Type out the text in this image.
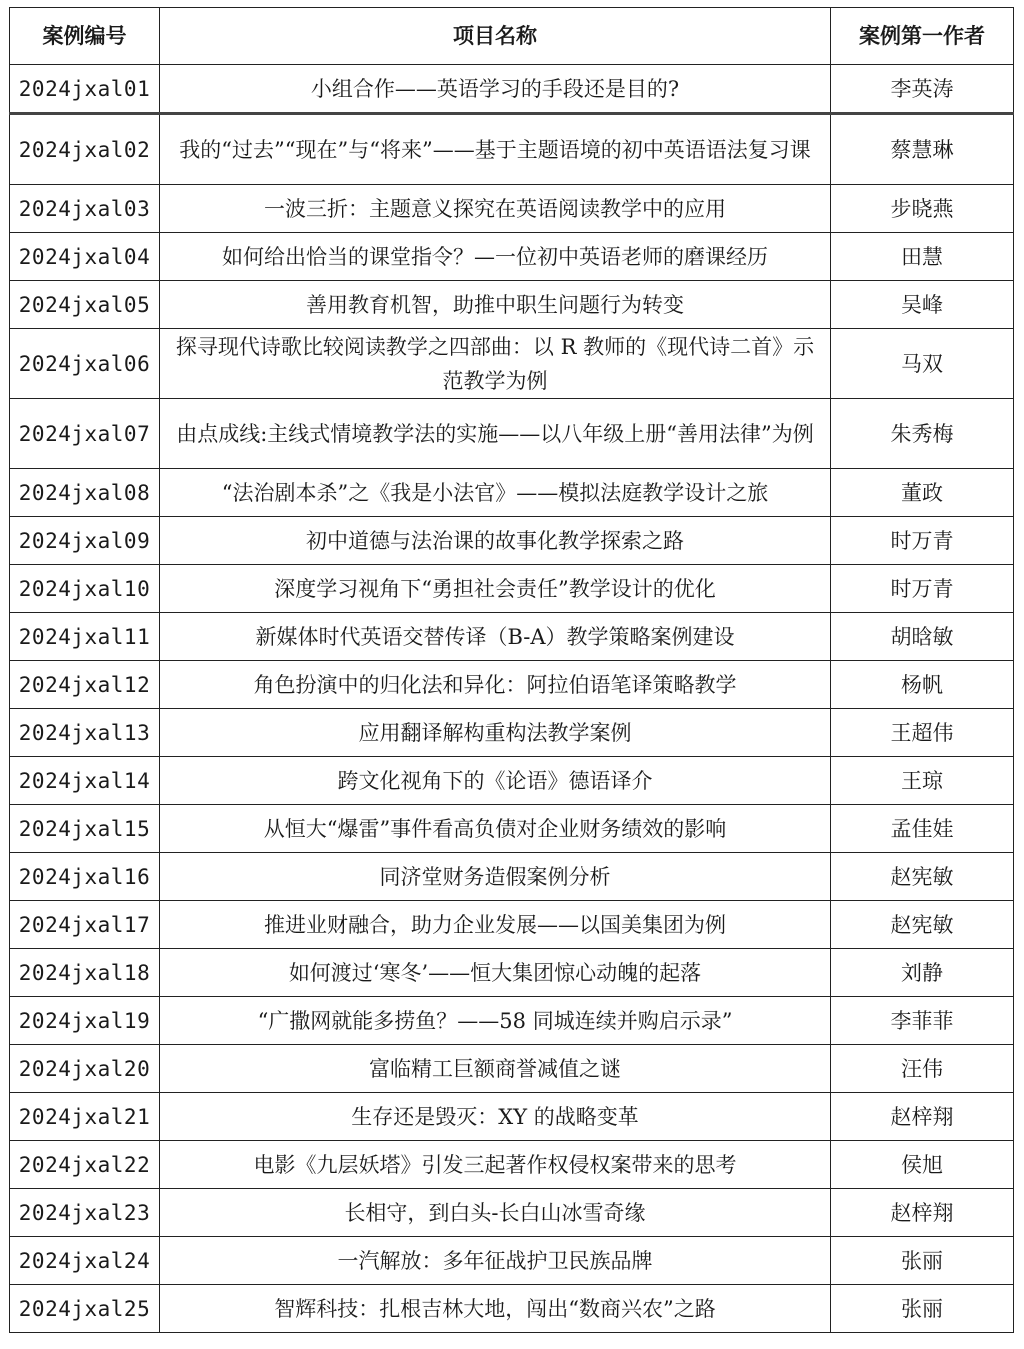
案例编号	项目名称	案例第一作者
2024jxal01	小组合作——英语学习的手段还是目的?	李英涛
2024jxal02	我的“过去”“现在”与“将来”——基于主题语境的初中英语语法复习课	蔡慧琳
2024jxal03	一波三折：主题意义探究在英语阅读教学中的应用	步晓燕
2024jxal04	如何给出恰当的课堂指令？—一位初中英语老师的磨课经历	田慧
2024jxal05	善用教育机智，助推中职生问题行为转变	吴峰
2024jxal06	探寻现代诗歌比较阅读教学之四部曲：以 R 教师的《现代诗二首》示范教学为例	马双
2024jxal07	由点成线:主线式情境教学法的实施——以八年级上册“善用法律”为例	朱秀梅
2024jxal08	“法治剧本杀”之《我是小法官》——模拟法庭教学设计之旅	董政
2024jxal09	初中道德与法治课的故事化教学探索之路	时万青
2024jxal10	深度学习视角下“勇担社会责任”教学设计的优化	时万青
2024jxal11	新媒体时代英语交替传译（B-A）教学策略案例建设	胡晗敏
2024jxal12	角色扮演中的归化法和异化：阿拉伯语笔译策略教学	杨帆
2024jxal13	应用翻译解构重构法教学案例	王超伟
2024jxal14	跨文化视角下的《论语》德语译介	王琼
2024jxal15	从恒大“爆雷”事件看高负债对企业财务绩效的影响	孟佳娃
2024jxal16	同济堂财务造假案例分析	赵宪敏
2024jxal17	推进业财融合，助力企业发展——以国美集团为例	赵宪敏
2024jxal18	如何渡过‘寒冬’——恒大集团惊心动魄的起落	刘静
2024jxal19	“广撒网就能多捞鱼？——58 同城连续并购启示录”	李菲菲
2024jxal20	富临精工巨额商誉减值之谜	汪伟
2024jxal21	生存还是毁灭：XY 的战略变革	赵梓翔
2024jxal22	电影《九层妖塔》引发三起著作权侵权案带来的思考	侯旭
2024jxal23	长相守，到白头-长白山冰雪奇缘	赵梓翔
2024jxal24	一汽解放：多年征战护卫民族品牌	张丽
2024jxal25	智辉科技：扎根吉林大地，闯出“数商兴农”之路	张丽
